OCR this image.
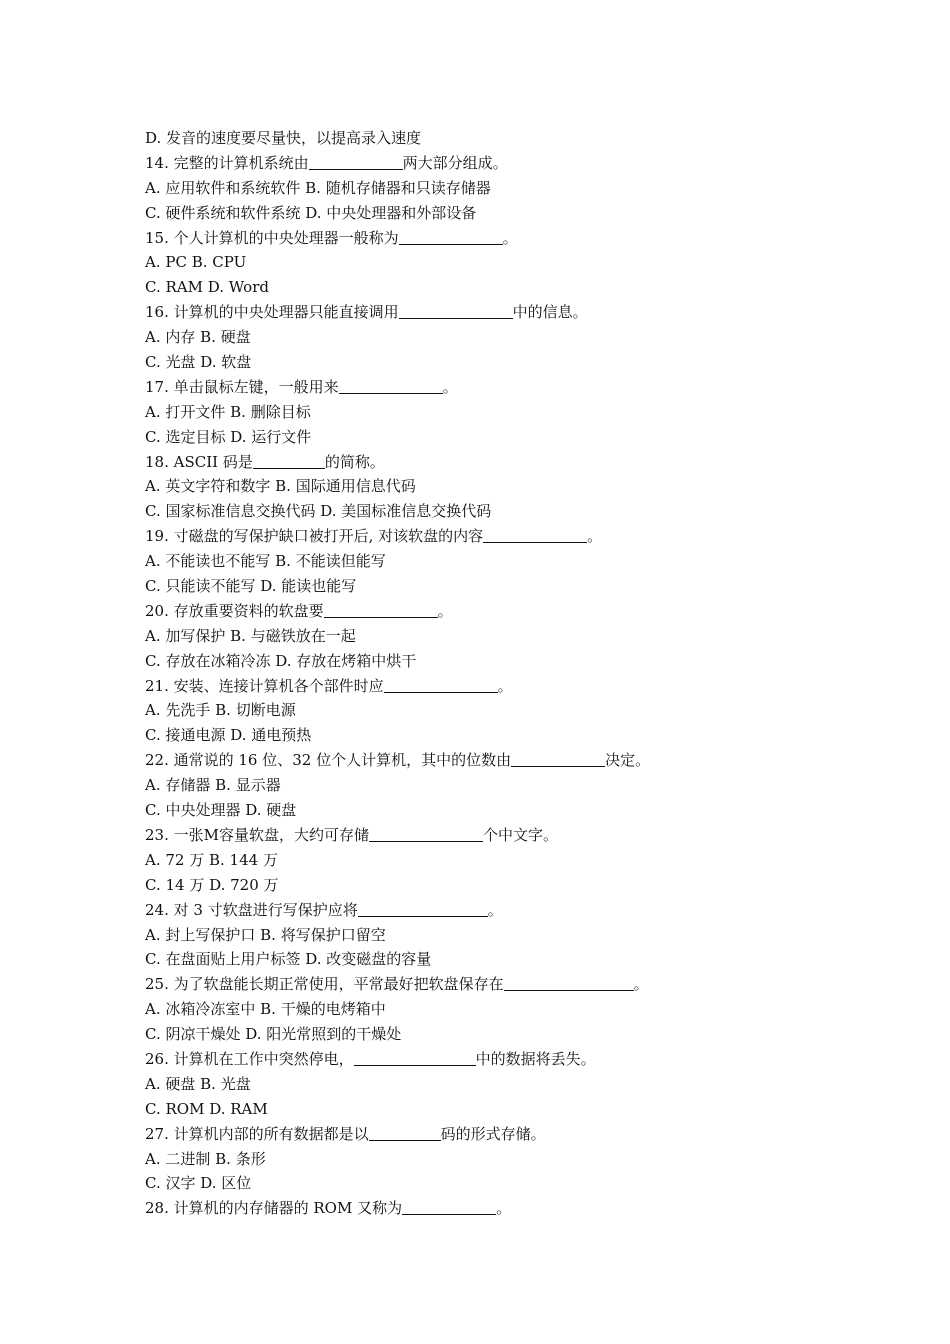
D. 发音的速度要尽量快，以提高录入速度
14. 完整的计算机系统由	两大部分组成。
A. 应用软件和系统软件 B. 随机存储器和只读存储器
C. 硬件系统和软件系统 D. 中央处理器和外部设备
15. 个人计算机的中央处理器一般称为	。
A. PC B. CPU
C. RAM D. Word
16. 计算机的中央处理器只能直接调用	中的信息。
A. 内存 B. 硬盘
C. 光盘 D. 软盘
17. 单击鼠标左键，一般用来	。
A. 打开文件 B. 删除目标
C. 选定目标 D. 运行文件
18. ASCII 码是	的简称。
A. 英文字符和数字 B. 国际通用信息代码
C. 国家标准信息交换代码 D. 美国标准信息交换代码
19. 寸磁盘的写保护缺口被打开后, 对该软盘的内容	。
A. 不能读也不能写 B. 不能读但能写
C. 只能读不能写 D. 能读也能写
20. 存放重要资料的软盘要	。
A. 加写保护 B. 与磁铁放在一起
C. 存放在冰箱冷冻 D. 存放在烤箱中烘干
21. 安装、连接计算机各个部件时应	。
A. 先洗手 B. 切断电源
C. 接通电源 D. 通电预热
22. 通常说的 16 位、32 位个人计算机，其中的位数由	决定。
A. 存储器 B. 显示器
C. 中央处理器 D. 硬盘
23. 一张M容量软盘，大约可存储	个中文字。
A. 72 万 B. 144 万
C. 14 万 D. 720 万
24. 对 3 寸软盘进行写保护应将	。
A. 封上写保护口 B. 将写保护口留空
C. 在盘面贴上用户标签 D. 改变磁盘的容量
25. 为了软盘能长期正常使用，平常最好把软盘保存在	。
A. 冰箱冷冻室中 B. 干燥的电烤箱中
C. 阴凉干燥处 D. 阳光常照到的干燥处
26. 计算机在工作中突然停电，	中的数据将丢失。
A. 硬盘 B. 光盘
C. ROM D. RAM
27. 计算机内部的所有数据都是以	码的形式存储。
A. 二进制 B. 条形
C. 汉字 D. 区位
28. 计算机的内存储器的 ROM 又称为	。
